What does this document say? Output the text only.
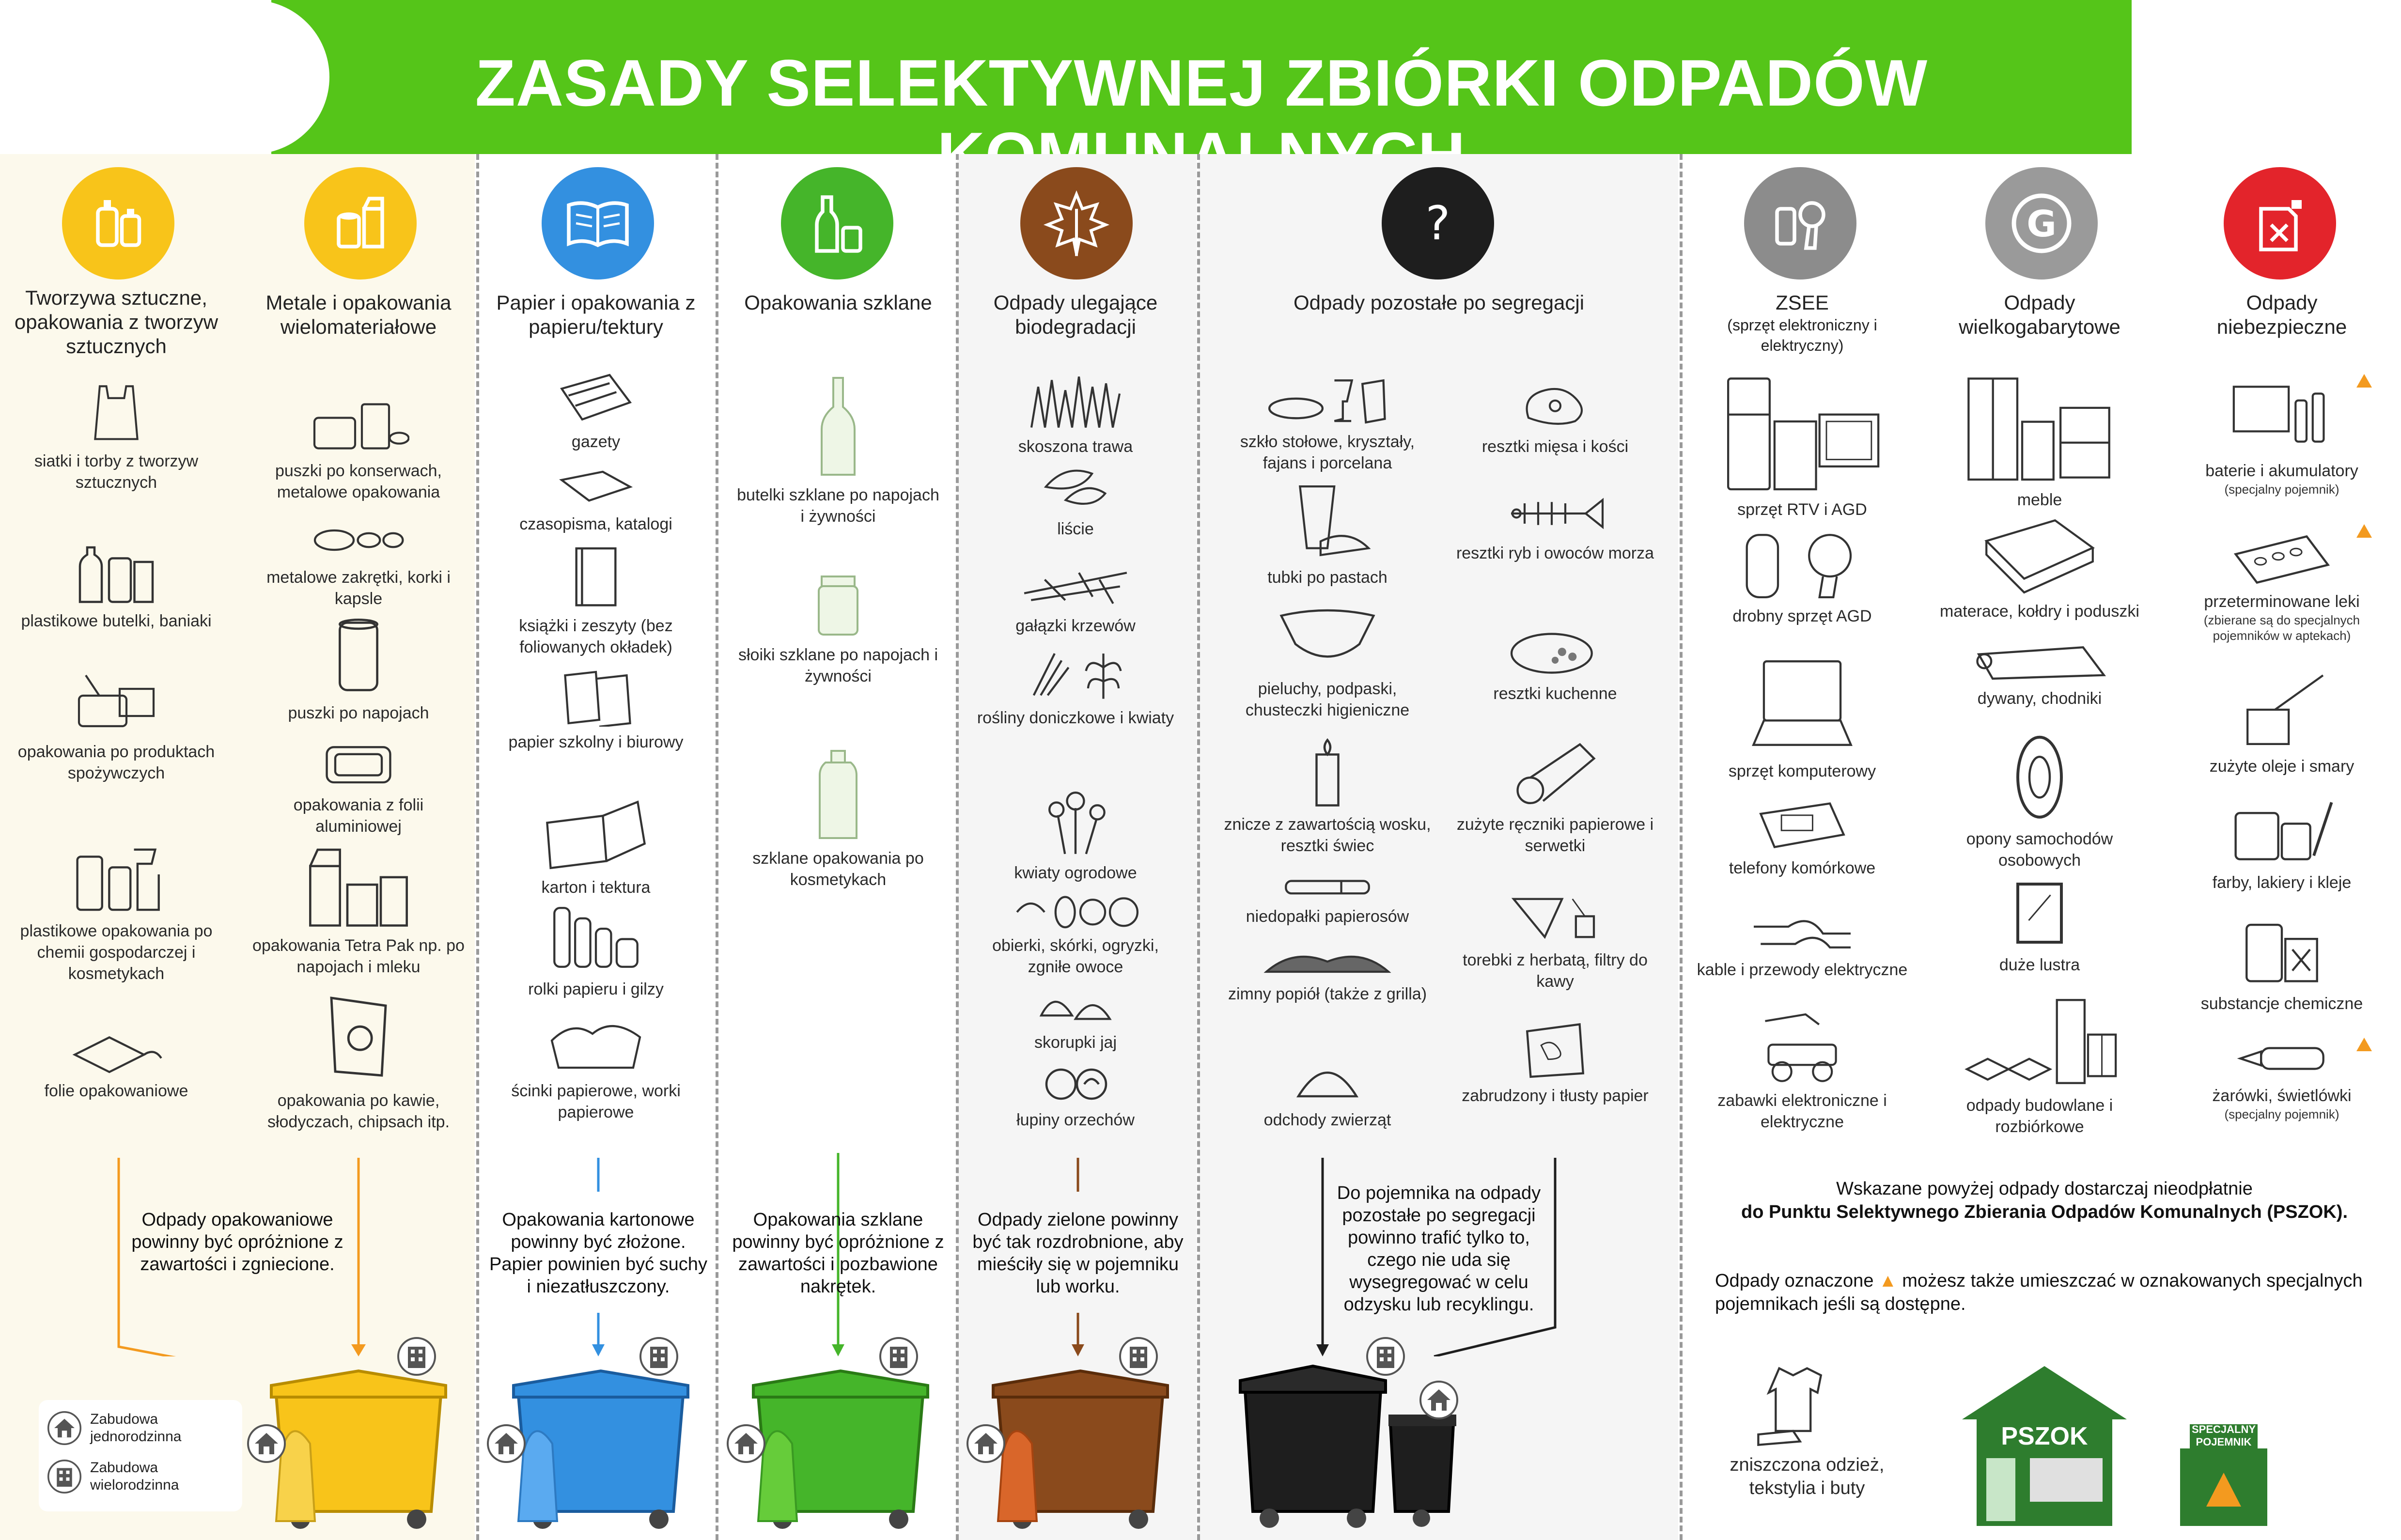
ZASADY SELEKTYWNEJ ZBIÓRKI ODPADÓW
?	G
Tworzywa sztuczne, opakowania z tworzyw sztucznych
Metale i opakowania wielomateriałowe
Papier i opakowania z papieru/tektury
Opakowania szklane	Odpady ulegające biodegradacji
Odpady pozostałe po segregacji	ZSEE
(sprzęt elektroniczny i elektryczny)
Odpady wielkogabarytowe
Odpady niebezpieczne
siatki i torby z tworzyw sztucznych
plastikowe butelki, baniaki
opakowania po produktach spożywczych
plastikowe opakowania po chemii gospodarczej i kosmetykach
folie opakowaniowe
puszki po konserwach, metalowe opakowania
metalowe zakrętki, korki i kapsle
puszki po napojach
opakowania z folii aluminiowej
opakowania Tetra Pak np. po napojach i mleku
opakowania po kawie, słodyczach, chipsach itp.
gazety
czasopisma, katalogi
książki i zeszyty (bez foliowanych okładek)
papier szkolny i biurowy
karton i tektura
rolki papieru i gilzy
ścinki papierowe, worki papierowe
butelki szklane po napojach i żywności
słoiki szklane po napojach i żywności
szklane opakowania po kosmetykach
skoszona trawa
liście
gałązki krzewów
rośliny doniczkowe i kwiaty
kwiaty ogrodowe
obierki, skórki, ogryzki, zgniłe owoce
skorupki jaj
łupiny orzechów
szkło stołowe, kryształy, fajans i porcelana
tubki po pastach
pieluchy, podpaski, chusteczki higieniczne
znicze z zawartością wosku, resztki świec
niedopałki papierosów
zimny popiół (także z grilla)
odchody zwierząt
resztki mięsa i kości
resztki ryb i owoców morza
resztki kuchenne
zużyte ręczniki papierowe i serwetki
torebki z herbatą, filtry do kawy
zabrudzony i tłusty papier
sprzęt RTV i AGD
drobny sprzęt AGD
sprzęt komputerowy
telefony komórkowe
kable i przewody elektryczne
zabawki elektroniczne i elektryczne
meble
materace, kołdry i poduszki
dywany, chodniki
opony samochodów osobowych
duże lustra
odpady budowlane i rozbiórkowe
baterie i akumulatory
(specjalny pojemnik)
przeterminowane leki
(zbierane są do specjalnych pojemników w aptekach)
zużyte oleje i smary
farby, lakiery i kleje
substancje chemiczne
żarówki, świetlówki
(specjalny pojemnik)
Odpady opakowaniowe powinny być opróżnione z zawartości i zgniecione.
Opakowania kartonowe powinny być złożone. Papier powinien być suchy i niezatłuszczony.
Opakowania szklane powinny być opróżnione z zawartości i pozbawione nakrętek.
Odpady zielone powinny być tak rozdrobnione, aby mieściły się w pojemniku lub worku.
Do pojemnika na odpady pozostałe po segregacji powinno trafić tylko to, czego nie uda się wysegregować w celu odzysku lub recyklingu.
Zabudowa jednorodzinna
Zabudowa wielorodzinna
Wskazane powyżej odpady dostarczaj nieodpłatnie
do Punktu Selektywnego Zbierania Odpadów Komunalnych (PSZOK).
Odpady oznaczone ▲ możesz także umieszczać w oznakowanych specjalnych pojemnikach jeśli są dostępne.
zniszczona odzież, tekstylia i buty
PSZOK	SPECJALNY POJEMNIK
